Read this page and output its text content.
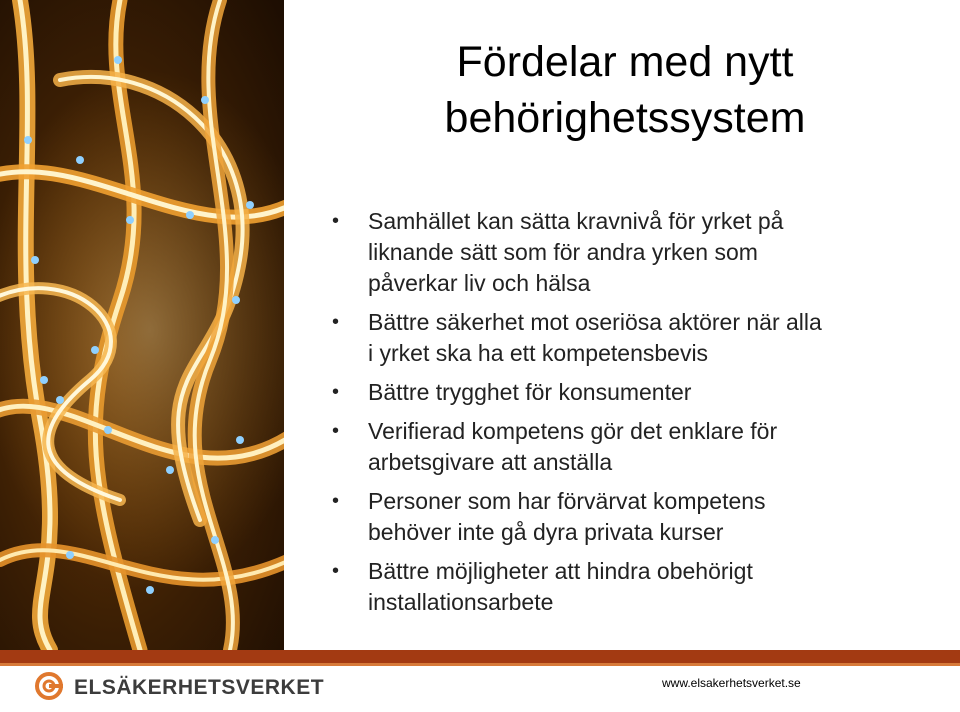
Fördelar med nytt
behörighetssystem
• Samhället kan sätta kravnivå för yrket på
liknande sätt som för andra yrken som
påverkar liv och hälsa
• Bättre säkerhet mot oseriösa aktörer när alla
i yrket ska ha ett kompetensbevis
• Bättre trygghet för konsumenter
• Verifierad kompetens gör det enklare för
arbetsgivare att anställa
• Personer som har förvärvat kompetens
behöver inte gå dyra privata kurser
• Bättre möjligheter att hindra obehörigt
installationsarbete
ELSÄKERHETSVERKET	www.elsakerhetsverket.se
